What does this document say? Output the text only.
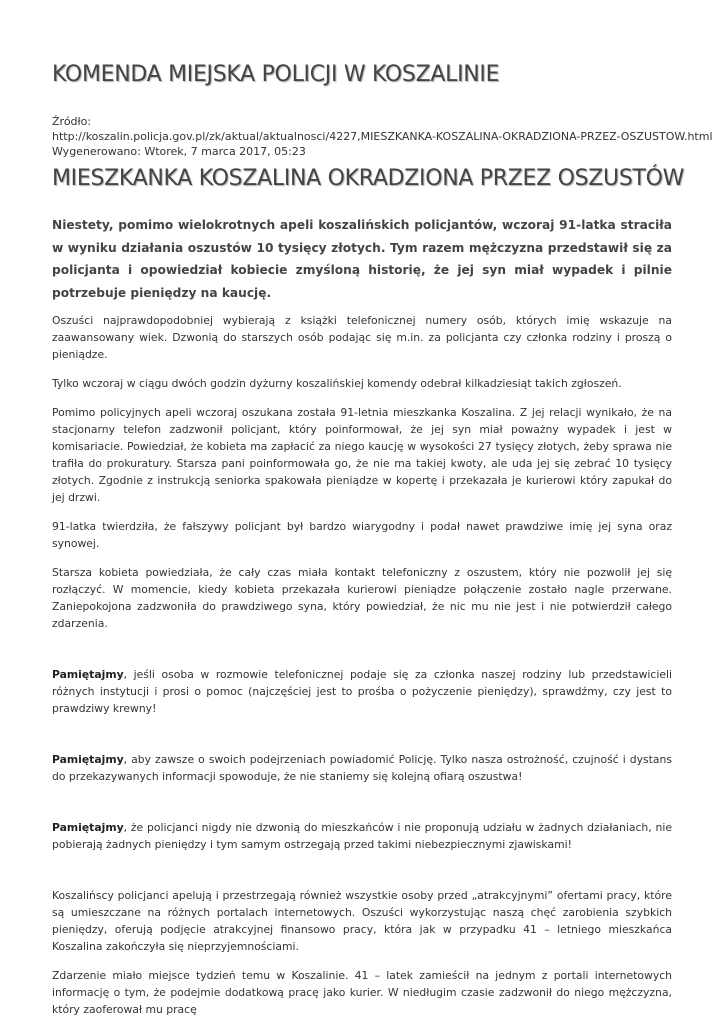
KOMENDA MIEJSKA POLICJI W KOSZALINIE
Źródło:
http://koszalin.policja.gov.pl/zk/aktual/aktualnosci/4227,MIESZKANKA-KOSZALINA-OKRADZIONA-PRZEZ-OSZUSTOW.html
Wygenerowano: Wtorek, 7 marca 2017, 05:23
MIESZKANKA KOSZALINA OKRADZIONA PRZEZ OSZUSTÓW

Niestety, pomimo wielokrotnych apeli koszalińskich policjantów, wczoraj 91-latka straciła w wyniku działania oszustów 10 tysięcy złotych. Tym razem mężczyzna przedstawił się za policjanta i opowiedział kobiecie zmyśloną historię, że jej syn miał wypadek i pilnie potrzebuje pieniędzy na kaucję.

Oszuści najprawdopodobniej wybierają z książki telefonicznej numery osób, których imię wskazuje na zaawansowany wiek. Dzwonią do starszych osób podając się m.in. za policjanta czy członka rodziny i proszą o pieniądze.

Tylko wczoraj w ciągu dwóch godzin dyżurny koszalińskiej komendy odebrał kilkadziesiąt takich zgłoszeń.

Pomimo policyjnych apeli wczoraj oszukana została 91-letnia mieszkanka Koszalina. Z jej relacji wynikało, że na stacjonarny telefon zadzwonił policjant, który poinformował, że jej syn miał poważny wypadek i jest w komisariacie. Powiedział, że kobieta ma zapłacić za niego kaucję w wysokości 27 tysięcy złotych, żeby sprawa nie trafiła do prokuratury. Starsza pani poinformowała go, że nie ma takiej kwoty, ale uda jej się zebrać 10 tysięcy złotych. Zgodnie z instrukcją seniorka spakowała pieniądze w kopertę i przekazała je kurierowi który zapukał do jej drzwi.

91-latka twierdziła, że fałszywy policjant był bardzo wiarygodny i podał nawet prawdziwe imię jej syna oraz synowej.

Starsza kobieta powiedziała, że cały czas miała kontakt telefoniczny z oszustem, który nie pozwolił jej się rozłączyć. W momencie, kiedy kobieta przekazała kurierowi pieniądze połączenie zostało nagle przerwane. Zaniepokojona zadzwoniła do prawdziwego syna, który powiedział, że nic mu nie jest i nie potwierdził całego zdarzenia.

Pamiętajmy, jeśli osoba w rozmowie telefonicznej podaje się za członka naszej rodziny lub przedstawicieli różnych instytucji i prosi o pomoc (najczęściej jest to prośba o pożyczenie pieniędzy), sprawdźmy, czy jest to prawdziwy krewny!

Pamiętajmy, aby zawsze o swoich podejrzeniach powiadomić Policję. Tylko nasza ostrożność, czujność i dystans do przekazywanych informacji spowoduje, że nie staniemy się kolejną ofiarą oszustwa!

Pamiętajmy, że policjanci nigdy nie dzwonią do mieszkańców i nie proponują udziału w żadnych działaniach, nie pobierają żadnych pieniędzy i tym samym ostrzegają przed takimi niebezpiecznymi zjawiskami!

Koszalińscy policjanci apelują i przestrzegają również wszystkie osoby przed „atrakcyjnymi” ofertami pracy, które są umieszczane na różnych portalach internetowych. Oszuści wykorzystując naszą chęć zarobienia szybkich pieniędzy, oferują podjęcie atrakcyjnej finansowo pracy, która jak w przypadku 41 – letniego mieszkańca Koszalina zakończyła się nieprzyjemnościami.

Zdarzenie miało miejsce tydzień temu w Koszalinie. 41 – latek zamieścił na jednym z portali internetowych informację o tym, że podejmie dodatkową pracę jako kurier. W niedługim czasie zadzwonił do niego mężczyzna, który zaoferował mu pracę
